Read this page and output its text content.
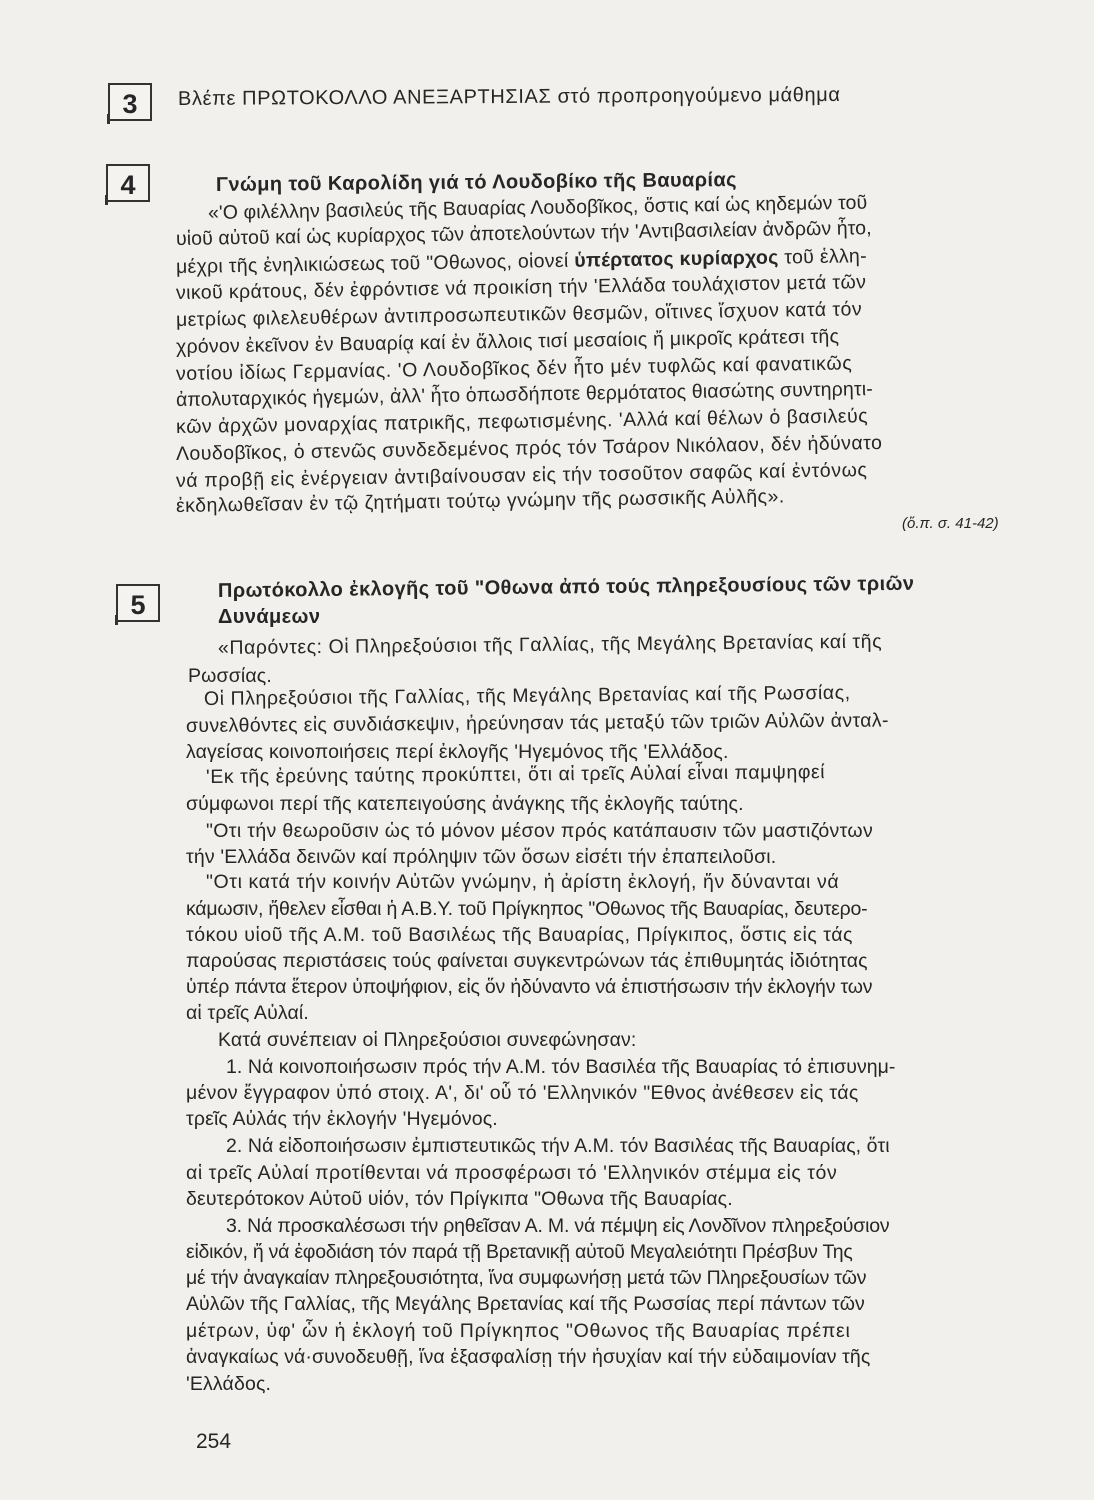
3	Βλέπε ΠΡΩΤΟΚΟΛΛΟ ΑΝΕΞΑΡΤΗΣΙΑΣ στό προπροηγούμενο μάθημα
4	Γνώμη τοῦ Καρολίδη γιά τό Λουδοβίκο τῆς Βαυαρίας
«'Ο φιλέλλην βασιλεύς τῆς Βαυαρίας Λουδοβῖκος, ὅστις καί ὡς κηδεμών τοῦ
υἱοῦ αὐτοῦ καί ὡς κυρίαρχος τῶν ἀποτελούντων τήν 'Αντιβασιλείαν ἀνδρῶν ἦτο,
μέχρι τῆς ἐνηλικιώσεως τοῦ "Οθωνος, οἱονεί ὑπέρτατος κυρίαρχος τοῦ ἑλλη-
νικοῦ κράτους, δέν ἐφρόντισε νά προικίση τήν 'Ελλάδα τουλάχιστον μετά τῶν
μετρίως φιλελευθέρων ἀντιπροσωπευτικῶν θεσμῶν, οἵτινες ἴσχυον κατά τόν
χρόνον ἐκεῖνον ἐν Βαυαρίᾳ καί ἐν ἄλλοις τισί μεσαίοις ἤ μικροῖς κράτεσι τῆς
νοτίου ἰδίως Γερμανίας. 'Ο Λουδοβῖκος δέν ἦτο μέν τυφλῶς καί φανατικῶς
ἀπολυταρχικός ἡγεμών, ἀλλ' ἦτο ὁπωσδήποτε θερμότατος θιασώτης συντηρητι-
κῶν ἀρχῶν μοναρχίας πατρικῆς, πεφωτισμένης. 'Αλλά καί θέλων ὁ βασιλεύς
Λουδοβῖκος, ὁ στενῶς συνδεδεμένος πρός τόν Τσάρον Νικόλαον, δέν ἠδύνατο
νά προβῇ εἰς ἐνέργειαν ἀντιβαίνουσαν εἰς τήν τοσοῦτον σαφῶς καί ἐντόνως
ἐκδηλωθεῖσαν ἐν τῷ ζητήματι τούτῳ γνώμην τῆς ρωσσικῆς Αὐλῆς».
(ὅ.π. σ. 41-42)
5
Πρωτόκολλο ἐκλογῆς τοῦ "Οθωνα ἀπό τούς πληρεξουσίους τῶν τριῶν
Δυνάμεων
«Παρόντες: Οἱ Πληρεξούσιοι τῆς Γαλλίας, τῆς Μεγάλης Βρετανίας καί τῆς
Ρωσσίας.
Οἱ Πληρεξούσιοι τῆς Γαλλίας, τῆς Μεγάλης Βρετανίας καί τῆς Ρωσσίας,
συνελθόντες εἰς συνδιάσκεψιν, ἠρεύνησαν τάς μεταξύ τῶν τριῶν Αὐλῶν ἀνταλ-
λαγείσας κοινοποιήσεις περί ἐκλογῆς 'Ηγεμόνος τῆς 'Ελλάδος.
'Εκ τῆς ἐρεύνης ταύτης προκύπτει, ὅτι αἱ τρεῖς Αὐλαί εἶναι παμψηφεί
σύμφωνοι περί τῆς κατεπειγούσης ἀνάγκης τῆς ἐκλογῆς ταύτης.
"Οτι τήν θεωροῦσιν ὡς τό μόνον μέσον πρός κατάπαυσιν τῶν μαστιζόντων
τήν 'Ελλάδα δεινῶν καί πρόληψιν τῶν ὅσων εἰσέτι τήν ἐπαπειλοῦσι.
"Οτι κατά τήν κοινήν Αὐτῶν γνώμην, ἡ ἀρίστη ἐκλογή, ἥν δύνανται νά
κάμωσιν, ἤθελεν εἶσθαι ἡ Α.Β.Υ. τοῦ Πρίγκηπος "Οθωνος τῆς Βαυαρίας, δευτερο-
τόκου υἱοῦ τῆς Α.Μ. τοῦ Βασιλέως τῆς Βαυαρίας, Πρίγκιπος, ὅστις εἰς τάς
παρούσας περιστάσεις τούς φαίνεται συγκεντρώνων τάς ἐπιθυμητάς ἰδιότητας
ὑπέρ πάντα ἕτερον ὑποψήφιον, εἰς ὅν ἠδύναντο νά ἐπιστήσωσιν τήν ἐκλογήν των
αἱ τρεῖς Αὐλαί.
Κατά συνέπειαν οἱ Πληρεξούσιοι συνεφώνησαν:
1. Νά κοινοποιήσωσιν πρός τήν Α.Μ. τόν Βασιλέα τῆς Βαυαρίας τό ἐπισυνημ-
μένον ἔγγραφον ὑπό στοιχ. Α', δι' οὗ τό 'Ελληνικόν "Εθνος ἀνέθεσεν εἰς τάς
τρεῖς Αὐλάς τήν ἐκλογήν 'Ηγεμόνος.
2. Νά εἰδοποιήσωσιν ἐμπιστευτικῶς τήν Α.Μ. τόν Βασιλέας τῆς Βαυαρίας, ὅτι
αἱ τρεῖς Αὐλαί προτίθενται νά προσφέρωσι τό 'Ελληνικόν στέμμα εἰς τόν
δευτερότοκον Αὐτοῦ υἱόν, τόν Πρίγκιπα "Οθωνα τῆς Βαυαρίας.
3. Νά προσκαλέσωσι τήν ρηθεῖσαν Α. Μ. νά πέμψη εἰς Λονδῖνον πληρεξούσιον
εἰδικόν, ἤ νά ἐφοδιάση τόν παρά τῇ Βρετανικῇ αὐτοῦ Μεγαλειότητι Πρέσβυν Της
μέ τήν ἀναγκαίαν πληρεξουσιότητα, ἵνα συμφωνήσῃ μετά τῶν Πληρεξουσίων τῶν
Αὐλῶν τῆς Γαλλίας, τῆς Μεγάλης Βρετανίας καί τῆς Ρωσσίας περί πάντων τῶν
μέτρων, ὑφ' ὧν ἡ ἐκλογή τοῦ Πρίγκηπος "Οθωνος τῆς Βαυαρίας πρέπει
ἀναγκαίως νά·συνοδευθῇ, ἵνα ἐξασφαλίσῃ τήν ἡσυχίαν καί τήν εὐδαιμονίαν τῆς
'Ελλάδος.
254
